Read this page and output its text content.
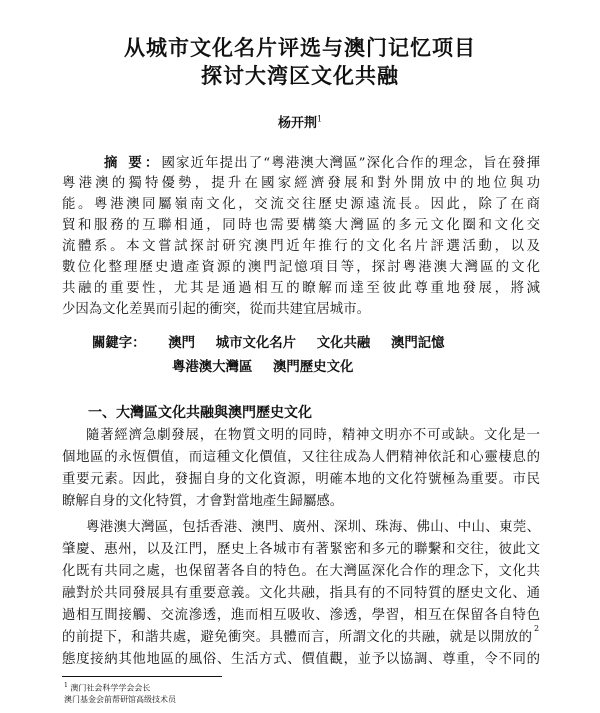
从城市文化名片评选与澳门记忆项目
探讨大湾区文化共融

杨开荆$^1$

摘 要：國家近年提出了“粵港澳大灣區”深化合作的理念，旨在發揮

粵港澳的獨特優勢，提升在國家經濟發展和對外開放中的地位與功

能。粵港澳同屬嶺南文化，交流交往歷史源遠流長。因此，除了在商

貿和服務的互聯相通，同時也需要構築大灣區的多元文化圈和文化交

流體系。本文嘗試探討研究澳門近年推行的文化名片評選活動，以及

數位化整理歷史遺產資源的澳門記憶項目等，探討粵港澳大灣區的文化

共融的重要性，尤其是通過相互的瞭解而達至彼此尊重地發展，將減

少因為文化差異而引起的衝突，從而共建宜居城市。

關鍵字： 澳門 城市文化名片 文化共融 澳門記憶

粵港澳大灣區 澳門歷史文化

一、大灣區文化共融與澳門歷史文化

隨著經濟急劇發展，在物質文明的同時，精神文明亦不可或缺。文化是一

個地區的永恆價值，而這種文化價值，又往往成為人們精神依託和心靈棲息的

重要元素。因此，發掘自身的文化資源，明確本地的文化符號極為重要。市民

瞭解自身的文化特質，才會對當地產生歸屬感。

粵港澳大灣區，包括香港、澳門、廣州、深圳、珠海、佛山、中山、東莞、

肇慶、惠州，以及江門，歷史上各城市有著緊密和多元的聯繫和交往，彼此文

化既有共同之處，也保留著各自的特色。在大灣區深化合作的理念下，文化共

融對於共同發展具有重要意義。文化共融，指具有的不同特質的歷史文化、通

過相互間接觸、交流滲透，進而相互吸收、滲透，學習，相互在保留各自特色

的前提下，和諧共處，避免衝突。具體而言，所謂文化的共融，就是以開放的

2

態度接納其他地區的風俗、生活方式、價值觀，並予以協調、尊重，令不同的

$^1$ 澳门社会科学学会会长

澳门基金会前帮研馆高级技术员
